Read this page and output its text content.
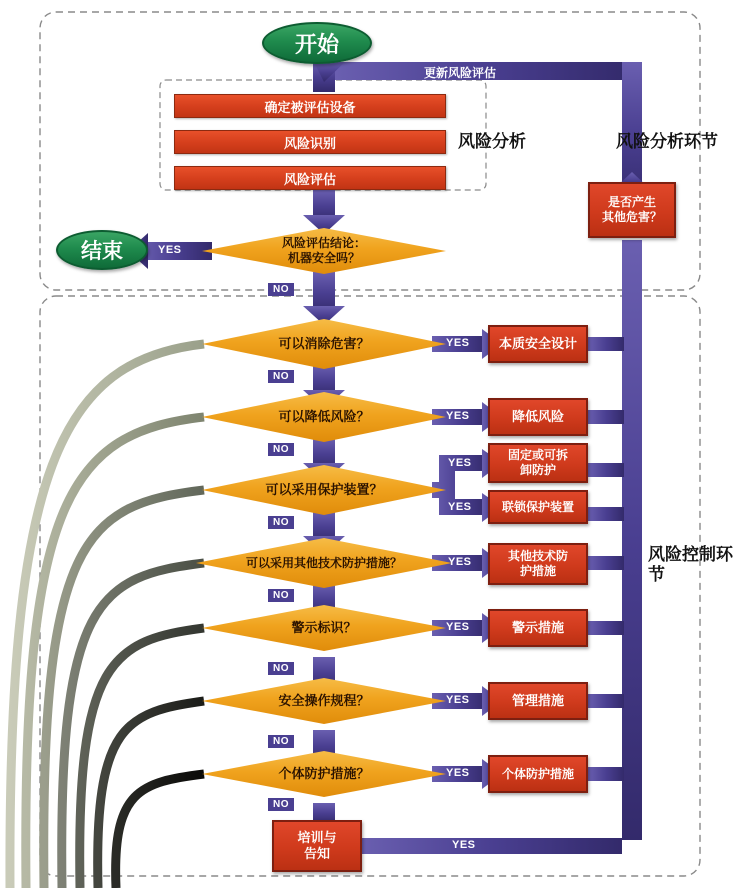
开始
更新风险评估
确定被评估设备
风险识别
风险评估
风险分析	风险分析环节
风险控制环节
是否产生
其他危害？
结束	风险评估结论：
机器安全吗？
YES
NO
可以消除危害？	YES
NO
本质安全设计
可以降低风险？	YES
NO
降低风险
可以采用保护装置？
YES
YES
NO
固定或可拆
卸防护
联锁保护装置
可以采用其他技术防护措施？	YES
NO
其他技术防
护措施
警示标识？	YES
NO
警示措施
安全操作规程？	YES
NO
管理措施
个体防护措施？	YES
NO
个体防护措施
培训与
告知
YES
